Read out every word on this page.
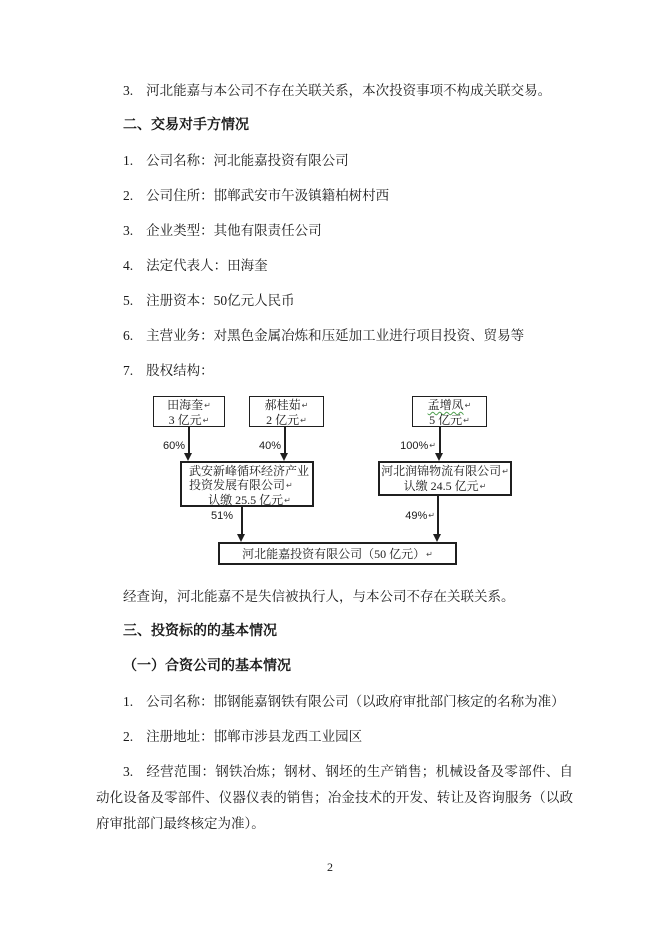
3. 河北能嘉与本公司不存在关联关系，本次投资事项不构成关联交易。

二、交易对手方情况

1. 公司名称：河北能嘉投资有限公司

2. 公司住所：邯郸武安市午汲镇籍柏树村西

3. 企业类型：其他有限责任公司

4. 法定代表人：田海奎

5. 注册资本：50亿元人民币

6. 主营业务：对黑色金属冶炼和压延加工业进行项目投资、贸易等

7. 股权结构：

田海奎↵
3 亿元↵
郝桂茹↵
2 亿元↵
孟增凤↵
5 亿元↵
60%	40%	100%↵
武安新峰循环经济产业
投资发展有限公司↵
认缴 25.5 亿元↵
河北润锦物流有限公司↵
认缴 24.5 亿元↵
51%	49%↵
河北能嘉投资有限公司（50 亿元）↵

经查询，河北能嘉不是失信被执行人，与本公司不存在关联关系。

三、投资标的的基本情况

（一）合资公司的基本情况

1. 公司名称：邯钢能嘉钢铁有限公司（以政府审批部门核定的名称为准）

2. 注册地址：邯郸市涉县龙西工业园区

3. 经营范围：钢铁冶炼；钢材、钢坯的生产销售；机械设备及零部件、自动化设备及零部件、仪器仪表的销售；冶金技术的开发、转让及咨询服务（以政府审批部门最终核定为准）。

2
